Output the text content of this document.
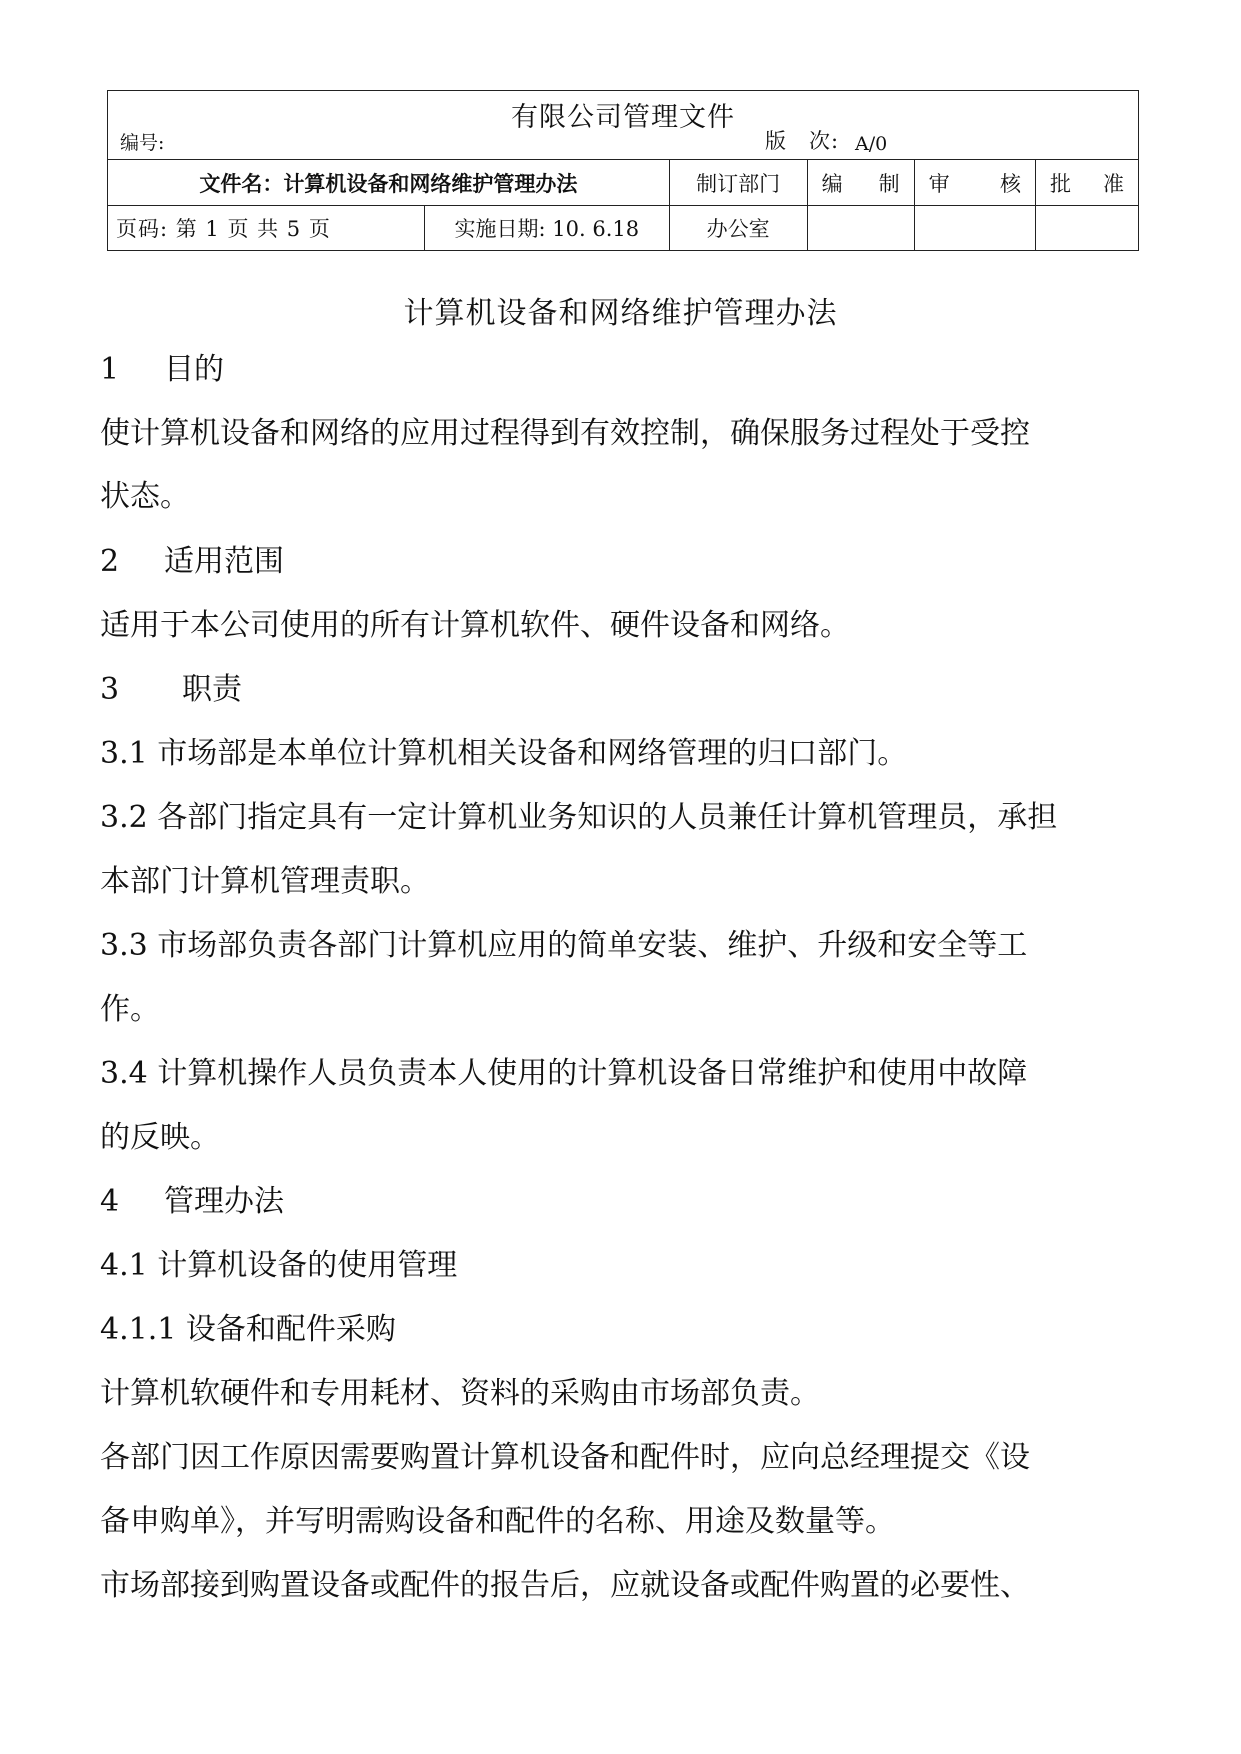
有限公司管理文件
编号: 版　次: A/0					

文件名：计算机设备和网络维护管理办法		制订部门	编　制	审　核	批　准
页码: 第 1 页 共 5 页	实施日期: 10. 6.18	办公室			
计算机设备和网络维护管理办法
1 目的
使计算机设备和网络的应用过程得到有效控制，确保服务过程处于受控
状态。
2 适用范围
适用于本公司使用的所有计算机软件、硬件设备和网络。
3 职责
3.1 市场部是本单位计算机相关设备和网络管理的归口部门。
3.2 各部门指定具有一定计算机业务知识的人员兼任计算机管理员，承担
本部门计算机管理责职。
3.3 市场部负责各部门计算机应用的简单安装、维护、升级和安全等工
作。
3.4 计算机操作人员负责本人使用的计算机设备日常维护和使用中故障
的反映。
4 管理办法
4.1 计算机设备的使用管理
4.1.1 设备和配件采购
计算机软硬件和专用耗材、资料的采购由市场部负责。
各部门因工作原因需要购置计算机设备和配件时，应向总经理提交《设
备申购单》，并写明需购设备和配件的名称、用途及数量等。
市场部接到购置设备或配件的报告后，应就设备或配件购置的必要性、
